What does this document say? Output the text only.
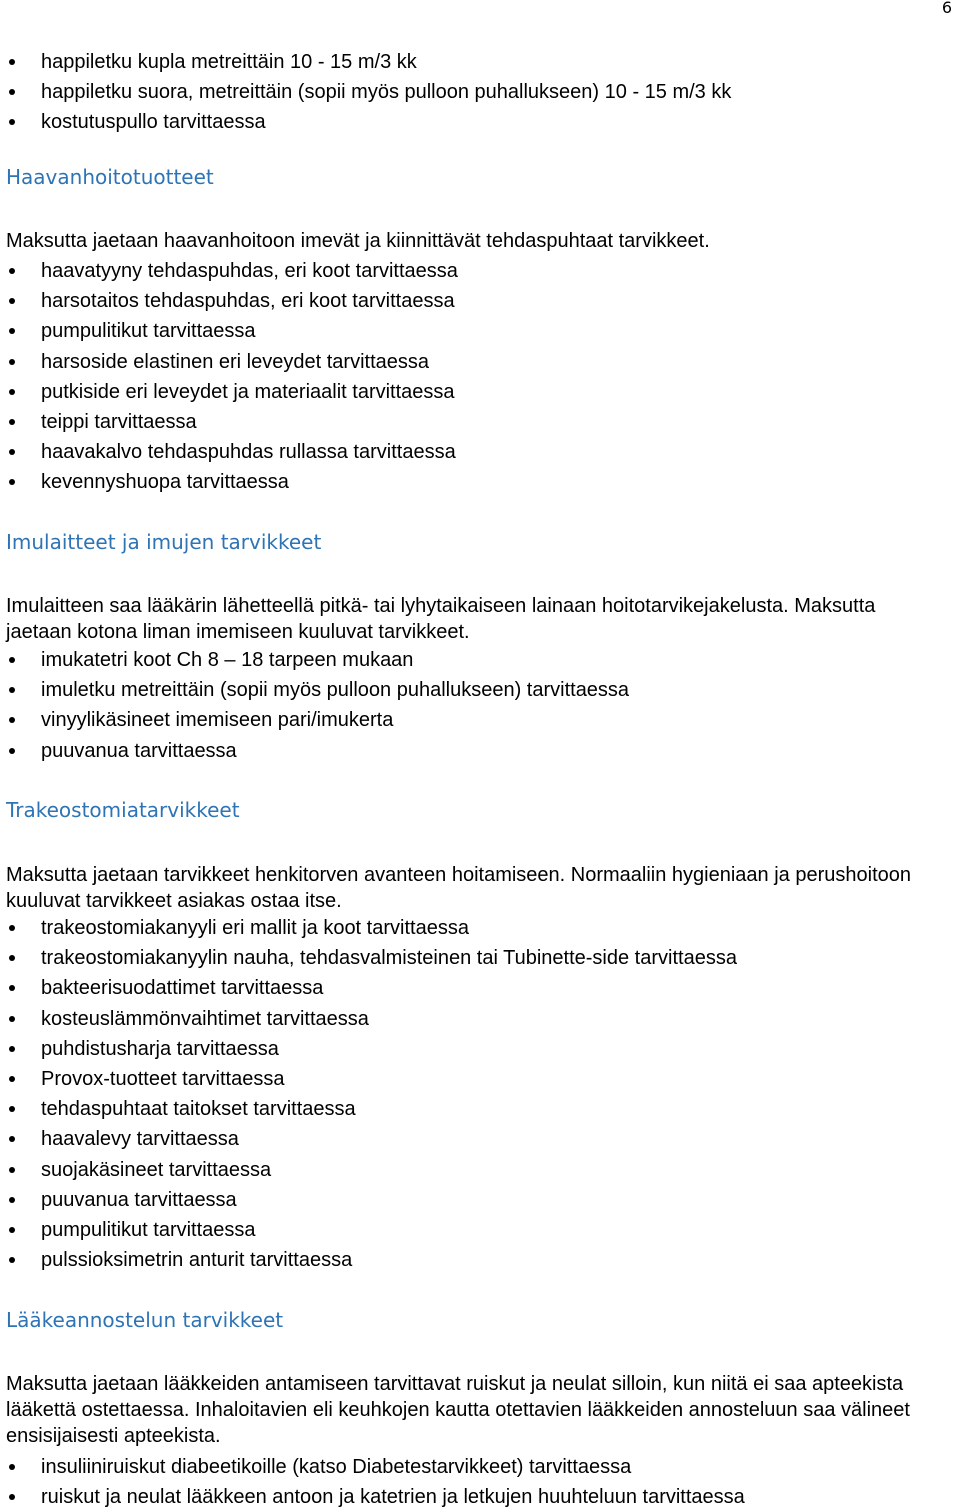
6
happiletku kupla metreittäin 10 - 15 m/3 kk
happiletku suora, metreittäin (sopii myös pulloon puhallukseen) 10 - 15 m/3 kk
kostutuspullo tarvittaessa
Haavanhoitotuotteet

Maksutta jaetaan haavanhoitoon imevät ja kiinnittävät tehdaspuhtaat tarvikkeet.

haavatyyny tehdaspuhdas, eri koot tarvittaessa
harsotaitos tehdaspuhdas, eri koot tarvittaessa
pumpulitikut tarvittaessa
harsoside elastinen eri leveydet tarvittaessa
putkiside eri leveydet ja materiaalit tarvittaessa
teippi tarvittaessa
haavakalvo tehdaspuhdas rullassa tarvittaessa
kevennyshuopa tarvittaessa
Imulaitteet ja imujen tarvikkeet

Imulaitteen saa lääkärin lähetteellä pitkä- tai lyhytaikaiseen lainaan hoitotarvikejakelusta. Maksutta jaetaan kotona liman imemiseen kuuluvat tarvikkeet.

imukatetri koot Ch 8 – 18 tarpeen mukaan
imuletku metreittäin (sopii myös pulloon puhallukseen) tarvittaessa
vinyylikäsineet imemiseen pari/imukerta
puuvanua tarvittaessa
Trakeostomiatarvikkeet

Maksutta jaetaan tarvikkeet henkitorven avanteen hoitamiseen. Normaaliin hygieniaan ja perushoitoon kuuluvat tarvikkeet asiakas ostaa itse.

trakeostomiakanyyli eri mallit ja koot tarvittaessa
trakeostomiakanyylin nauha, tehdasvalmisteinen tai Tubinette-side tarvittaessa
bakteerisuodattimet tarvittaessa
kosteuslämmönvaihtimet tarvittaessa
puhdistusharja tarvittaessa
Provox-tuotteet tarvittaessa
tehdaspuhtaat taitokset tarvittaessa
haavalevy tarvittaessa
suojakäsineet tarvittaessa
puuvanua tarvittaessa
pumpulitikut tarvittaessa
pulssioksimetrin anturit tarvittaessa
Lääkeannostelun tarvikkeet

Maksutta jaetaan lääkkeiden antamiseen tarvittavat ruiskut ja neulat silloin, kun niitä ei saa apteekista lääkettä ostettaessa. Inhaloitavien eli keuhkojen kautta otettavien lääkkeiden annosteluun saa välineet ensisijaisesti apteekista.

insuliiniruiskut diabeetikoille (katso Diabetestarvikkeet) tarvittaessa
ruiskut ja neulat lääkkeen antoon ja katetrien ja letkujen huuhteluun tarvittaessa
